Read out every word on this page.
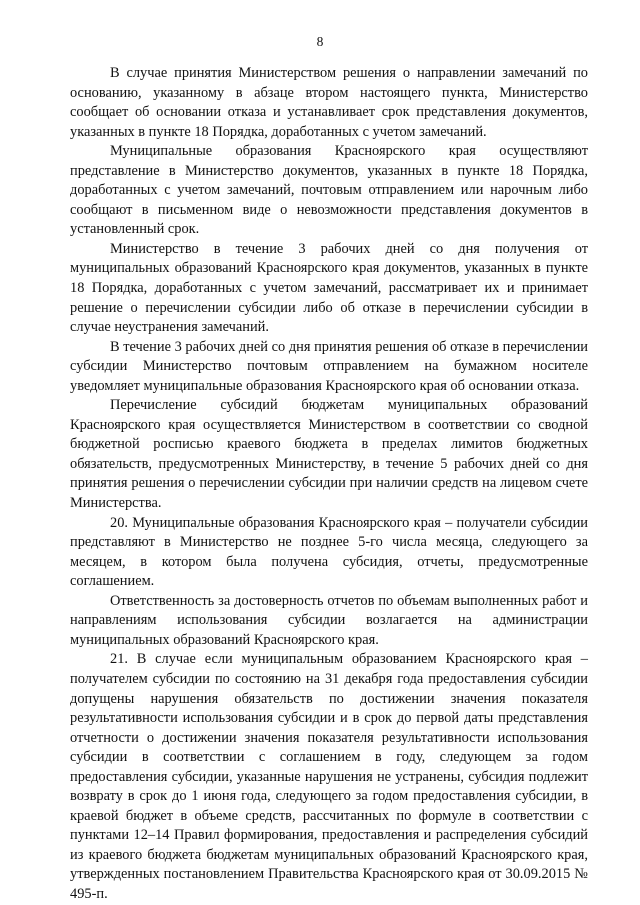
8

В случае принятия Министерством решения о направлении замечаний по основанию, указанному в абзаце втором настоящего пункта, Министерство сообщает об основании отказа и устанавливает срок представления документов, указанных в пункте 18 Порядка, доработанных с учетом замечаний.

Муниципальные образования Красноярского края осуществляют представление в Министерство документов, указанных в пункте 18 Порядка, доработанных с учетом замечаний, почтовым отправлением или нарочным либо сообщают в письменном виде о невозможности представления документов в установленный срок.

Министерство в течение 3 рабочих дней со дня получения от муниципальных образований Красноярского края документов, указанных в пункте 18 Порядка, доработанных с учетом замечаний, рассматривает их и принимает решение о перечислении субсидии либо об отказе в перечислении субсидии в случае неустранения замечаний.

В течение 3 рабочих дней со дня принятия решения об отказе в перечислении субсидии Министерство почтовым отправлением на бумажном носителе уведомляет муниципальные образования Красноярского края об основании отказа.

Перечисление субсидий бюджетам муниципальных образований Красноярского края осуществляется Министерством в соответствии со сводной бюджетной росписью краевого бюджета в пределах лимитов бюджетных обязательств, предусмотренных Министерству, в течение 5 рабочих дней со дня принятия решения о перечислении субсидии при наличии средств на лицевом счете Министерства.

20. Муниципальные образования Красноярского края – получатели субсидии представляют в Министерство не позднее 5-го числа месяца, следующего за месяцем, в котором была получена субсидия, отчеты, предусмотренные соглашением.

Ответственность за достоверность отчетов по объемам выполненных работ и направлениям использования субсидии возлагается на администрации муниципальных образований Красноярского края.

21. В случае если муниципальным образованием Красноярского края – получателем субсидии по состоянию на 31 декабря года предоставления субсидии допущены нарушения обязательств по достижении значения показателя результативности использования субсидии и в срок до первой даты представления отчетности о достижении значения показателя результативности использования субсидии в соответствии с соглашением в году, следующем за годом предоставления субсидии, указанные нарушения не устранены, субсидия подлежит возврату в срок до 1 июня года, следующего за годом предоставления субсидии, в краевой бюджет в объеме средств, рассчитанных по формуле в соответствии с пунктами 12–14 Правил формирования, предоставления и распределения субсидий из краевого бюджета бюджетам муниципальных образований Красноярского края, утвержденных постановлением Правительства Красноярского края от 30.09.2015 № 495-п.
